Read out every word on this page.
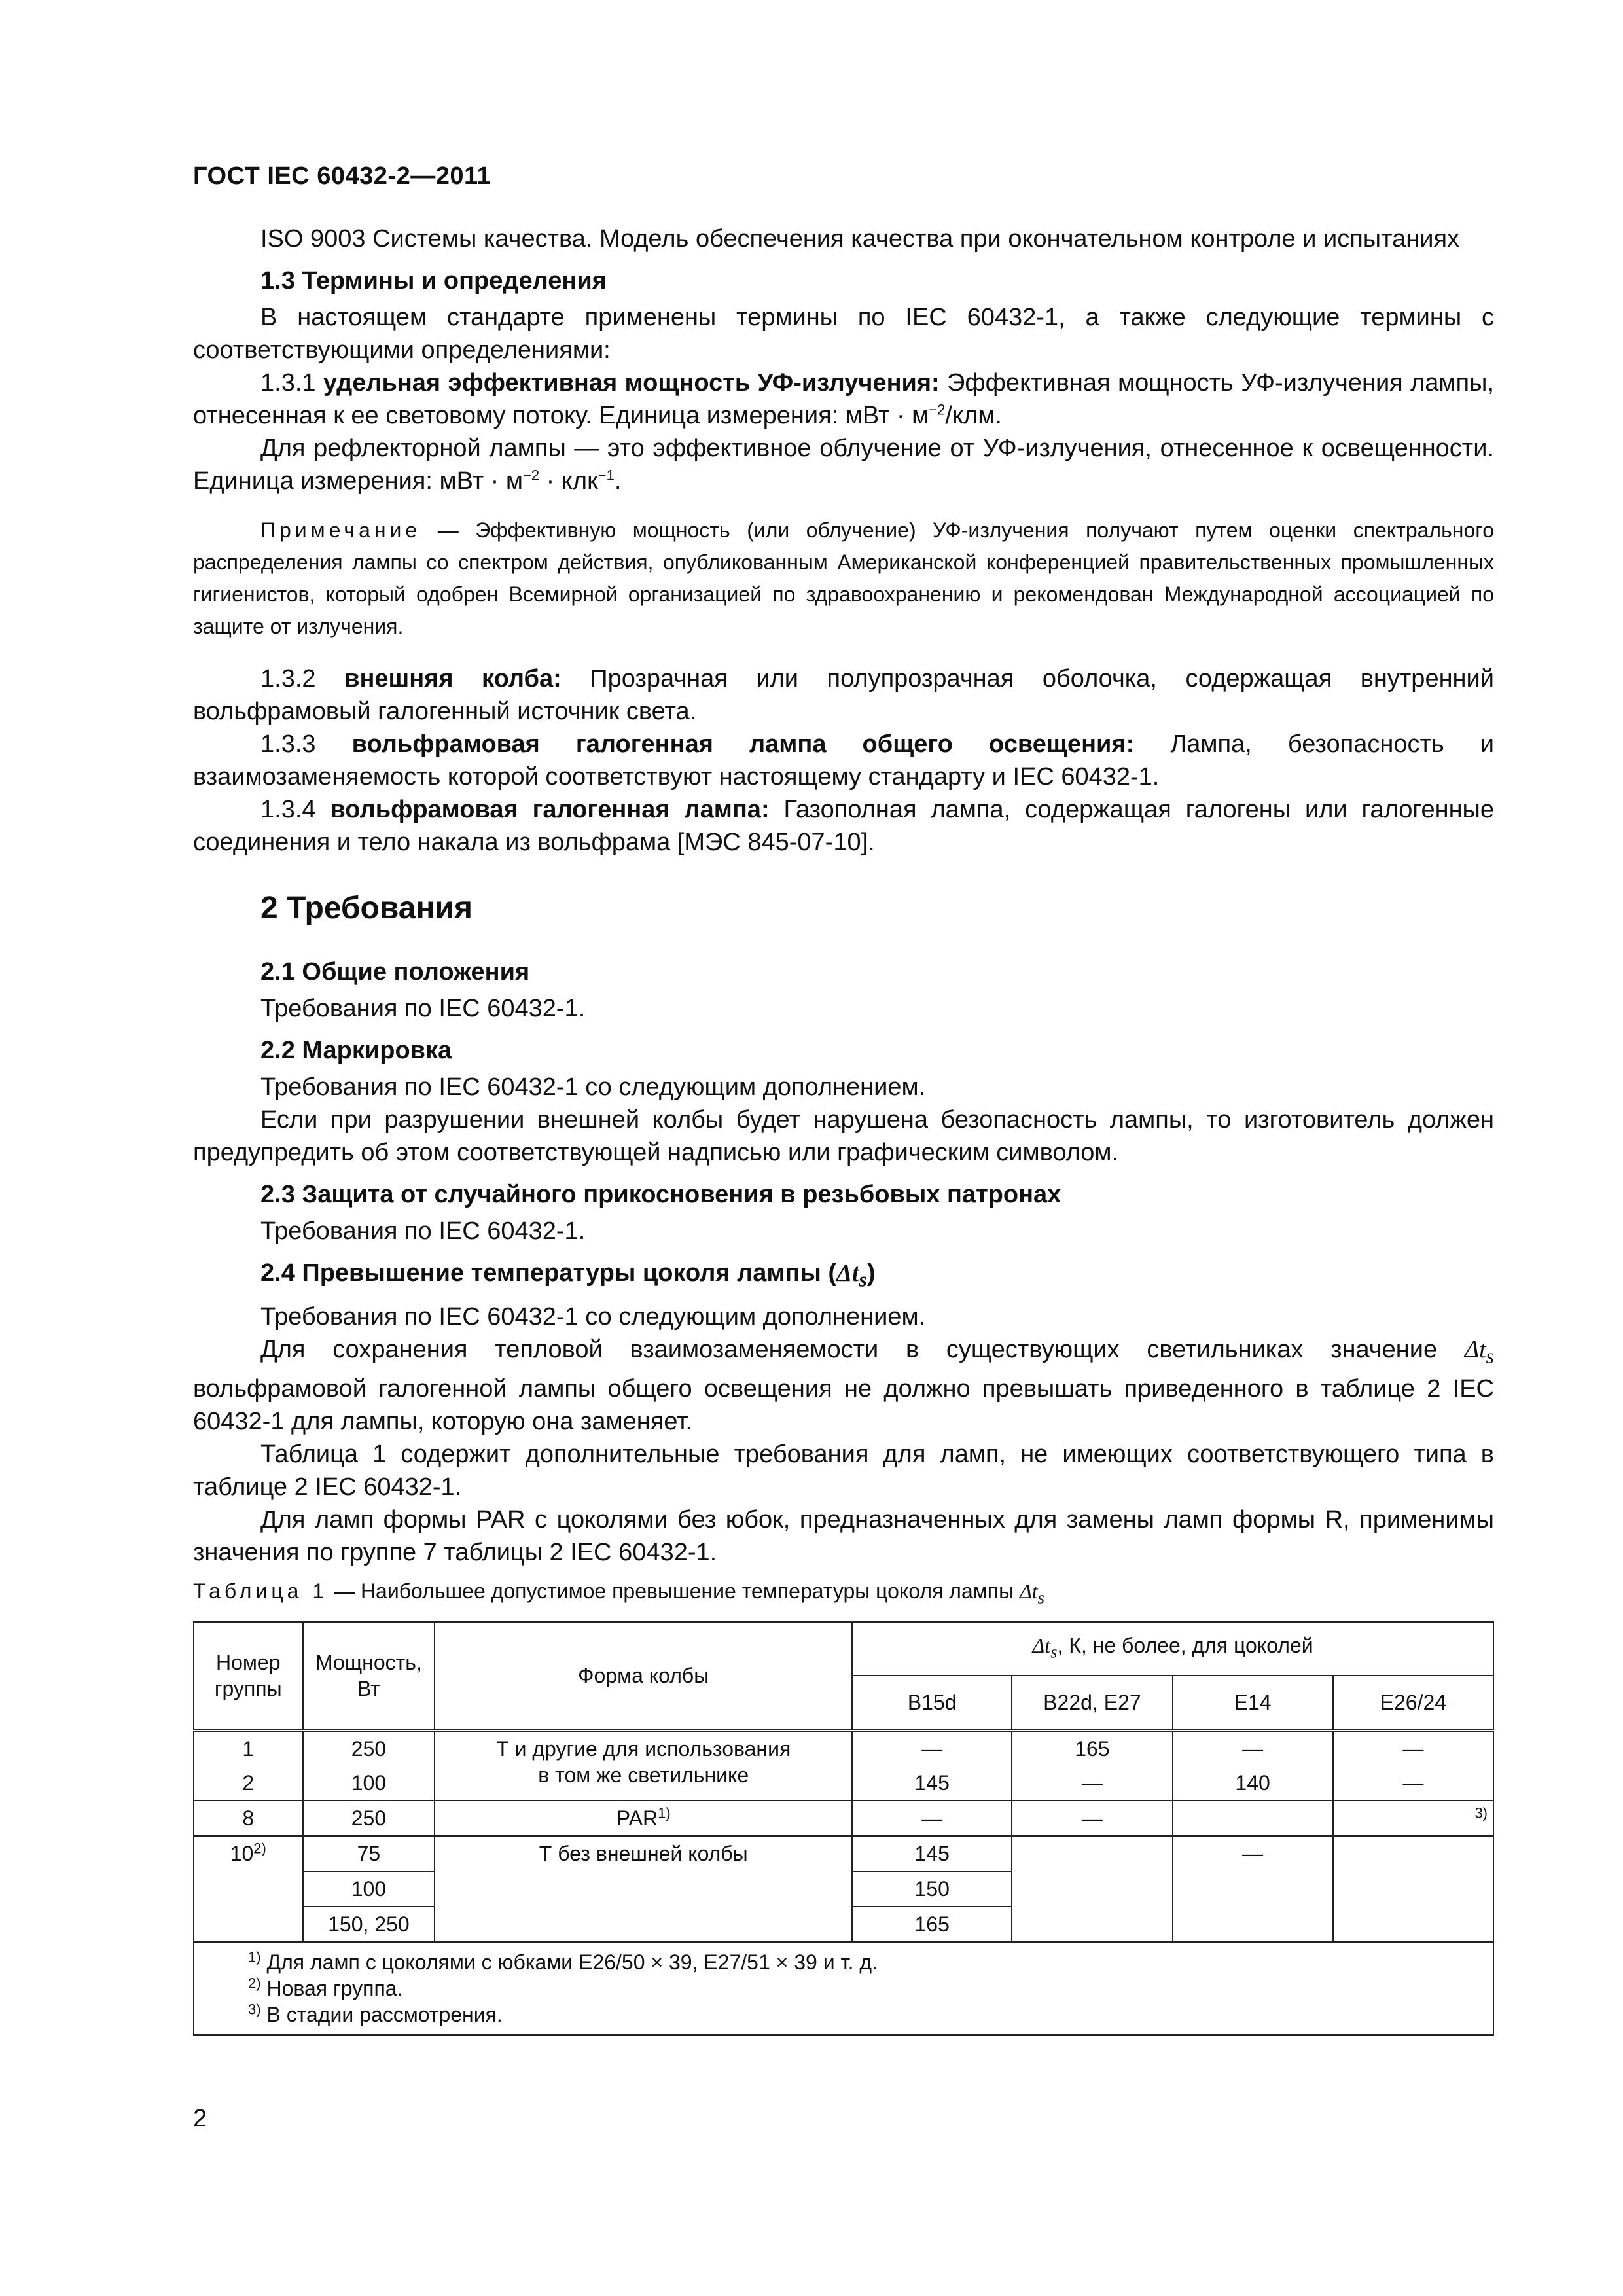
ГОСТ IEC 60432-2—2011

ISO 9003 Системы качества. Модель обеспечения качества при окончательном контроле и испытаниях

1.3 Термины и определения

В настоящем стандарте применены термины по IEC 60432-1, а также следующие термины с соответствующими определениями:

1.3.1 удельная эффективная мощность УФ-излучения: Эффективная мощность УФ-излучения лампы, отнесенная к ее световому потоку. Единица измерения: мВт · $м^{-2}$/клм.

Для рефлекторной лампы — это эффективное облучение от УФ-излучения, отнесенное к освещенности. Единица измерения: мВт · $м^{-2} \cdot клк^{-1}$.

Примечание — Эффективную мощность (или облучение) УФ-излучения получают путем оценки спектрального распределения лампы со спектром действия, опубликованным Американской конференцией правительственных промышленных гигиенистов, который одобрен Всемирной организацией по здравоохранению и рекомендован Международной ассоциацией по защите от излучения.

1.3.2 внешняя колба: Прозрачная или полупрозрачная оболочка, содержащая внутренний вольфрамовый галогенный источник света.

1.3.3 вольфрамовая галогенная лампа общего освещения: Лампа, безопасность и взаимозаменяемость которой соответствуют настоящему стандарту и IEC 60432-1.

1.3.4 вольфрамовая галогенная лампа: Газополная лампа, содержащая галогены или галогенные соединения и тело накала из вольфрама [МЭС 845-07-10].

2 Требования
2.1 Общие положения

Требования по IEC 60432-1.

2.2 Маркировка

Требования по IEC 60432-1 со следующим дополнением.

Если при разрушении внешней колбы будет нарушена безопасность лампы, то изготовитель должен предупредить об этом соответствующей надписью или графическим символом.

2.3 Защита от случайного прикосновения в резьбовых патронах

Требования по IEC 60432-1.

2.4 Превышение температуры цоколя лампы $(\Delta t_s)$

Требования по IEC 60432-1 со следующим дополнением.

Для сохранения тепловой взаимозаменяемости в существующих светильниках значение $\Delta t_s$ вольфрамовой галогенной лампы общего освещения не должно превышать приведенного в таблице 2 IEC 60432-1 для лампы, которую она заменяет.

Таблица 1 содержит дополнительные требования для ламп, не имеющих соответствующего типа в таблице 2 IEC 60432-1.

Для ламп формы PAR с цоколями без юбок, предназначенных для замены ламп формы R, применимы значения по группе 7 таблицы 2 IEC 60432-1.

Таблица 1 — Наибольшее допустимое превышение температуры цоколя лампы $\Delta t_s$
Номер группы	Мощность, Вт	Форма колбы	$\Delta t_s$, К, не более, для цоколей			
			B15d	B22d, E27	E14	E26/24
1	250	Т и другие для использования
в том же светильнике	—	165	—	—
2	100		145	—	140	—
8	250	PAR$^{1)}$	—	—		$^{3)}$
10$^{2)}$	75	Т без внешней колбы	145		—	
	100		150			
	150, 250		165			

$^{1)}$ Для ламп с цоколями с юбками Е26/50 × 39, Е27/51 × 39 и т. д.
$^{2)}$ Новая группа.
$^{3)}$ В стадии рассмотрения.						
2
